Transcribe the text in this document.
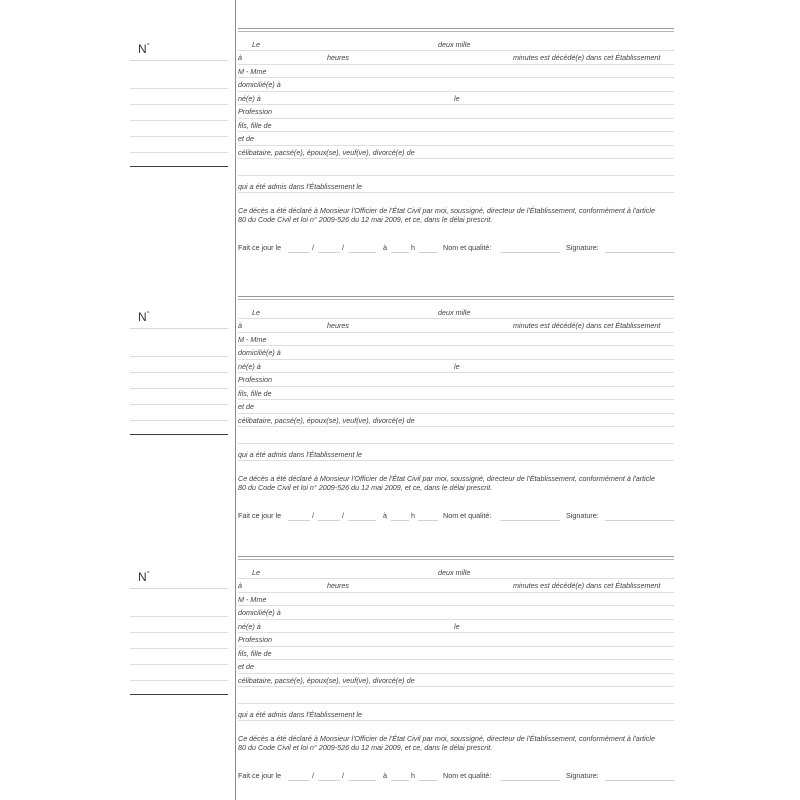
N°	Le	deux mille
à	heures	minutes est décédé(e) dans cet Établissement
M - Mme
domicilié(e) à
né(e) à	le
Profession
fils, fille de
et de
célibataire, pacsé(e), époux(se), veuf(ve), divorcé(e) de
qui a été admis dans l'Établissement le
Ce décès a été déclaré à Monsieur l'Officier de l'État Civil par moi, soussigné, directeur de l'Établissement, conformément à l'article
80 du Code Civil et loi n° 2009-526 du 12 mai 2009, et ce, dans le délai prescrit.
Fait ce jour le	/	/	à	h	Nom et qualité:	Signature:
N°	Le	deux mille
à	heures	minutes est décédé(e) dans cet Établissement
M - Mme
domicilié(e) à
né(e) à	le
Profession
fils, fille de
et de
célibataire, pacsé(e), époux(se), veuf(ve), divorcé(e) de
qui a été admis dans l'Établissement le
Ce décès a été déclaré à Monsieur l'Officier de l'État Civil par moi, soussigné, directeur de l'Établissement, conformément à l'article
80 du Code Civil et loi n° 2009-526 du 12 mai 2009, et ce, dans le délai prescrit.
Fait ce jour le	/	/	à	h	Nom et qualité:	Signature:
N°	Le	deux mille
à	heures	minutes est décédé(e) dans cet Établissement
M - Mme
domicilié(e) à
né(e) à	le
Profession
fils, fille de
et de
célibataire, pacsé(e), époux(se), veuf(ve), divorcé(e) de
qui a été admis dans l'Établissement le
Ce décès a été déclaré à Monsieur l'Officier de l'État Civil par moi, soussigné, directeur de l'Établissement, conformément à l'article
80 du Code Civil et loi n° 2009-526 du 12 mai 2009, et ce, dans le délai prescrit.
Fait ce jour le	/	/	à	h	Nom et qualité:	Signature:
